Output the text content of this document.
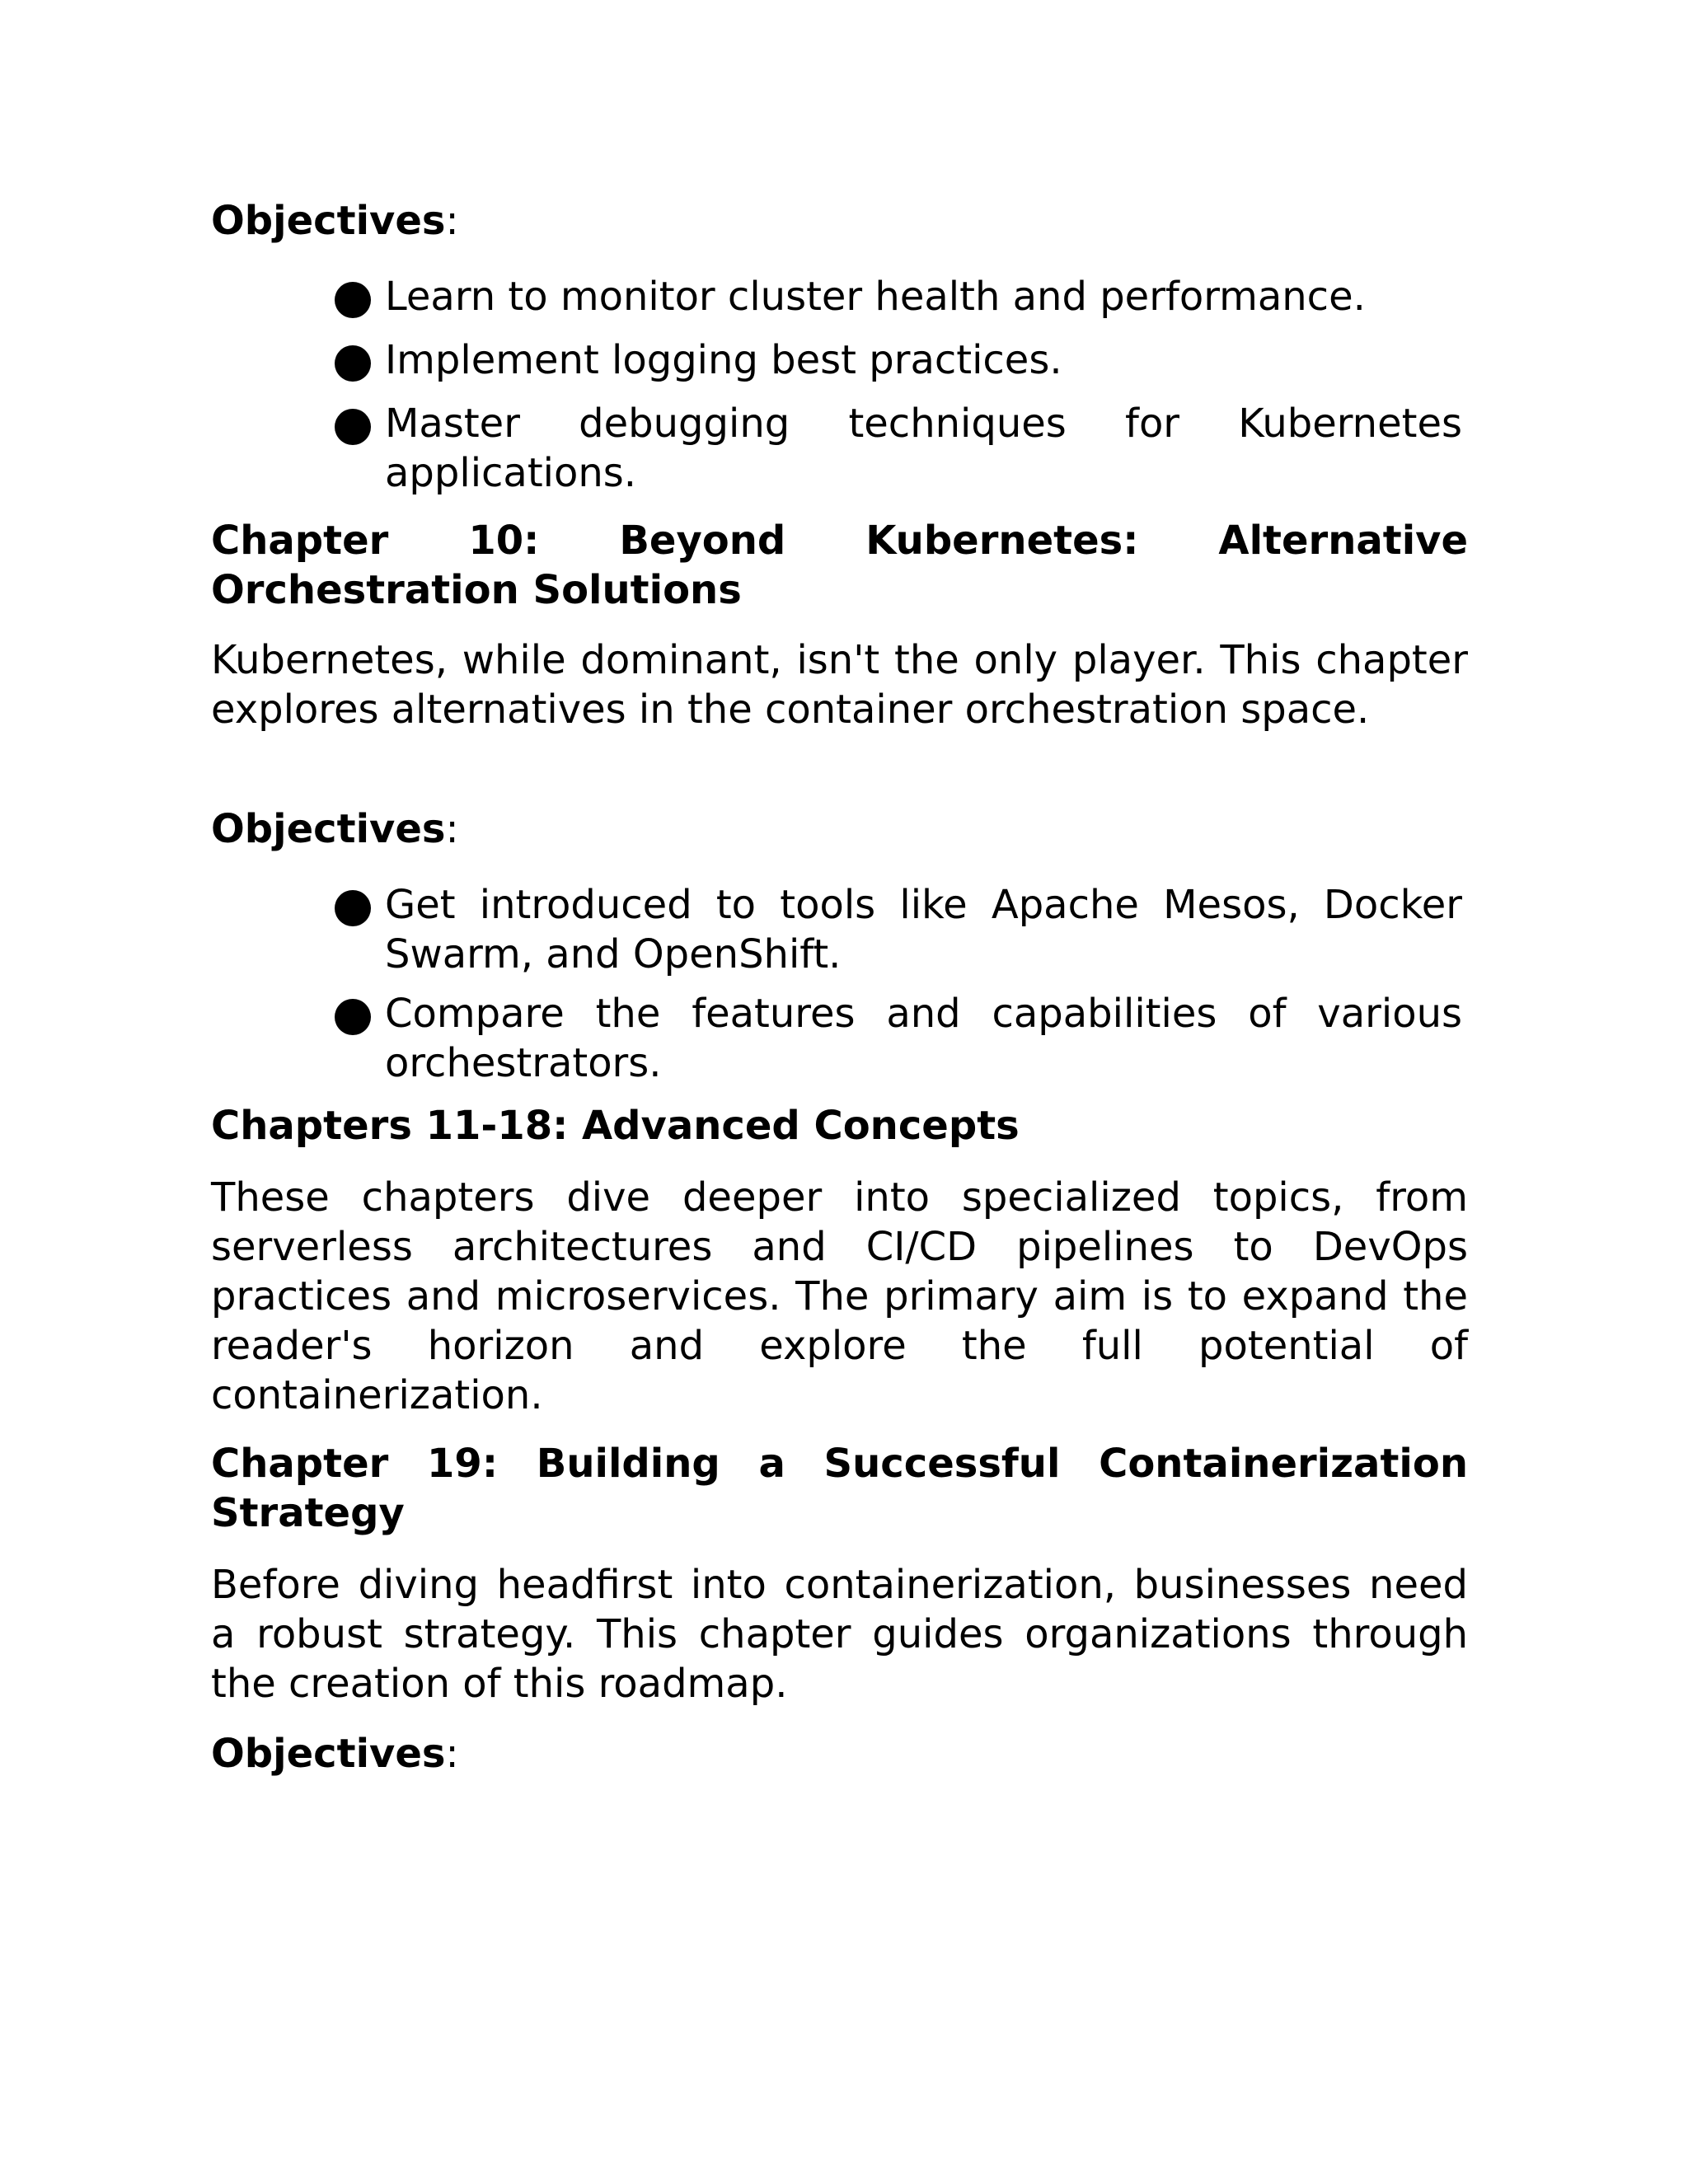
Objectives:
Learn to monitor cluster health and performance.
Implement logging best practices.
Master debugging techniques for Kubernetes applications.
Chapter 10: Beyond Kubernetes: Alternative Orchestration Solutions
Kubernetes, while dominant, isn't the only player. This chapter explores alternatives in the container orchestration space.
Objectives:
Get introduced to tools like Apache Mesos, Docker Swarm, and OpenShift.
Compare the features and capabilities of various orchestrators.
Chapters 11-18: Advanced Concepts
These chapters dive deeper into specialized topics, from serverless architectures and CI/CD pipelines to DevOps practices and microservices. The primary aim is to expand the reader's horizon and explore the full potential of containerization.
Chapter 19: Building a Successful Containerization Strategy
Before diving headfirst into containerization, businesses need a robust strategy. This chapter guides organizations through the creation of this roadmap.
Objectives:
